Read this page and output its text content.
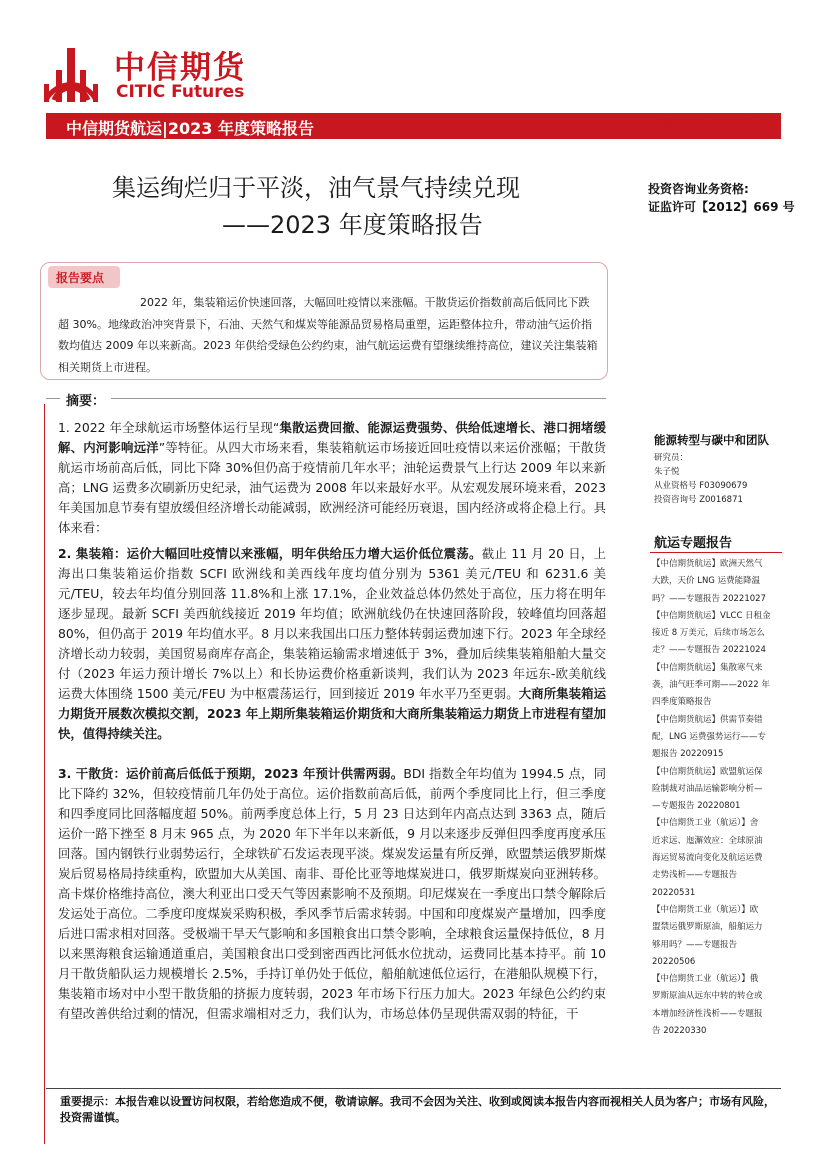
中信期货
CITIC Futures
中信期货航运|2023 年度策略报告	2022-11-24
集运绚烂归于平淡，油气景气持续兑现
——2023 年度策略报告
投资咨询业务资格:
证监许可【2012】669 号
报告要点
2022 年，集装箱运价快速回落，大幅回吐疫情以来涨幅。干散货运价指数前高后低同比下跌超 30%。地缘政治冲突背景下，石油、天然气和煤炭等能源品贸易格局重塑，运距整体拉升，带动油气运价指数均值达 2009 年以来新高。2023 年供给受绿色公约约束，油气航运运费有望继续维持高位，建议关注集装箱相关期货上市进程。
摘要：
1. 2022 年全球航运市场整体运行呈现“集散运费回撤、能源运费强势、供给低速增长、港口拥堵缓解、内河影响远洋”等特征。从四大市场来看，集装箱航运市场接近回吐疫情以来运价涨幅；干散货航运市场前高后低，同比下降 30%但仍高于疫情前几年水平；油轮运费景气上行达 2009 年以来新高；LNG 运费多次刷新历史纪录，油气运费为 2008 年以来最好水平。从宏观发展环境来看，2023 年美国加息节奏有望放缓但经济增长动能减弱，欧洲经济可能经历衰退，国内经济或将企稳上行。具体来看：
2. 集装箱：运价大幅回吐疫情以来涨幅，明年供给压力增大运价低位震荡。截止 11 月 20 日，上海出口集装箱运价指数 SCFI 欧洲线和美西线年度均值分别为 5361 美元/TEU 和 6231.6 美元/TEU，较去年均值分别回落 11.8%和上涨 17.1%，企业效益总体仍然处于高位，压力将在明年逐步显现。最新 SCFI 美西航线接近 2019 年均值；欧洲航线仍在快速回落阶段，较峰值均回落超 80%，但仍高于 2019 年均值水平。8 月以来我国出口压力整体转弱运费加速下行。2023 年全球经济增长动力较弱，美国贸易商库存高企，集装箱运输需求增速低于 3%，叠加后续集装箱船舶大量交付（2023 年运力预计增长 7%以上）和长协运费价格重新谈判，我们认为 2023 年远东-欧美航线运费大体围绕 1500 美元/FEU 为中枢震荡运行，回到接近 2019 年水平乃至更弱。大商所集装箱运力期货开展数次模拟交割，2023 年上期所集装箱运价期货和大商所集装箱运力期货上市进程有望加快，值得持续关注。
3. 干散货：运价前高后低低于预期，2023 年预计供需两弱。BDI 指数全年均值为 1994.5 点，同比下降约 32%，但较疫情前几年仍处于高位。运价指数前高后低，前两个季度同比上行，但三季度和四季度同比回落幅度超 50%。前两季度总体上行，5 月 23 日达到年内高点达到 3363 点，随后运价一路下挫至 8 月末 965 点，为 2020 年下半年以来新低，9 月以来逐步反弹但四季度再度承压回落。国内钢铁行业弱势运行，全球铁矿石发运表现平淡。煤炭发运量有所反弹，欧盟禁运俄罗斯煤炭后贸易格局持续重构，欧盟加大从美国、南非、哥伦比亚等地煤炭进口，俄罗斯煤炭向亚洲转移。高卡煤价格维持高位，澳大利亚出口受天气等因素影响不及预期。印尼煤炭在一季度出口禁令解除后发运处于高位。二季度印度煤炭采购积极，季风季节后需求转弱。中国和印度煤炭产量增加，四季度后进口需求相对回落。受极端干旱天气影响和多国粮食出口禁令影响，全球粮食运量保持低位，8 月以来黑海粮食运输通道重启，美国粮食出口受到密西西比河低水位扰动，运费同比基本持平。前 10 月干散货船队运力规模增长 2.5%，手持订单仍处于低位，船舶航速低位运行，在港船队规模下行，集装箱市场对中小型干散货船的挤振力度转弱，2023 年市场下行压力加大。2023 年绿色公约约束有望改善供给过剩的情况，但需求端相对乏力，我们认为，市场总体仍呈现供需双弱的特征，干
能源转型与碳中和团队
研究员：
朱子悦
从业资格号 F03090679
投资咨询号 Z0016871
航运专题报告
【中信期货航运】欧洲天然气
大跌，天价 LNG 运费能降温
吗？——专题报告 20221027
【中信期货航运】VLCC 日租金
接近 8 万美元，后续市场怎么
走？——专题报告 20221024
【中信期货航运】集散寒气来
袭，油气旺季可期——2022 年
四季度策略报告
【中信期货航运】供需节奏错
配，LNG 运费强势运行——专
题报告 20220915
【中信期货航运】欧盟航运保
险制裁对油品运输影响分析—
—专题报告 20220801
【中信期货工业（航运）】舍
近求远、迤澥效应：全球原油
海运贸易流向变化及航运运费
走势浅析——专题报告
20220531
【中信期货工业（航运）】欧
盟禁运俄罗斯原油，船舶运力
够用吗？——专题报告
20220506
【中信期货工业（航运）】俄
罗斯原油从远东中转的转仓或
本增加经济性浅析——专题报
告 20220330
重要提示：本报告难以设置访问权限，若给您造成不便，敬请谅解。我司不会因为关注、收到或阅读本报告内容而视相关人员为客户；市场有风险，投资需谨慎。
